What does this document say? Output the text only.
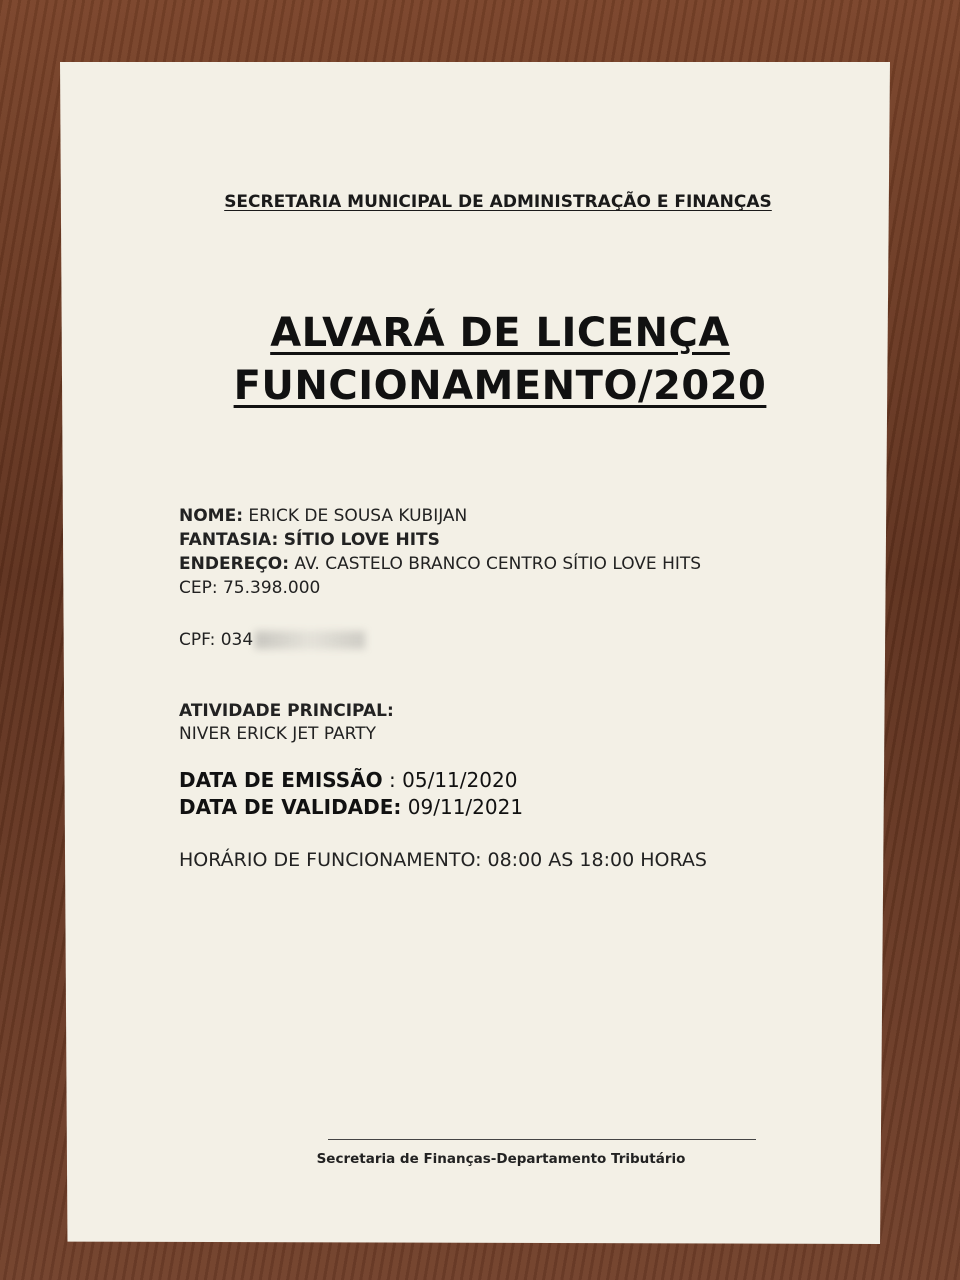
SECRETARIA MUNICIPAL DE ADMINISTRAÇÃO E FINANÇAS
ALVARÁ DE LICENÇA
FUNCIONAMENTO/2020
NOME: ERICK DE SOUSA KUBIJAN
FANTASIA: SÍTIO LOVE HITS
ENDEREÇO: AV. CASTELO BRANCO CENTRO SÍTIO LOVE HITS
CEP: 75.398.000
CPF: 034
ATIVIDADE PRINCIPAL:
NIVER ERICK JET PARTY
DATA DE EMISSÃO : 05/11/2020
DATA DE VALIDADE: 09/11/2021
HORÁRIO DE FUNCIONAMENTO: 08:00 AS 18:00 HORAS
Secretaria de Finanças-Departamento Tributário
